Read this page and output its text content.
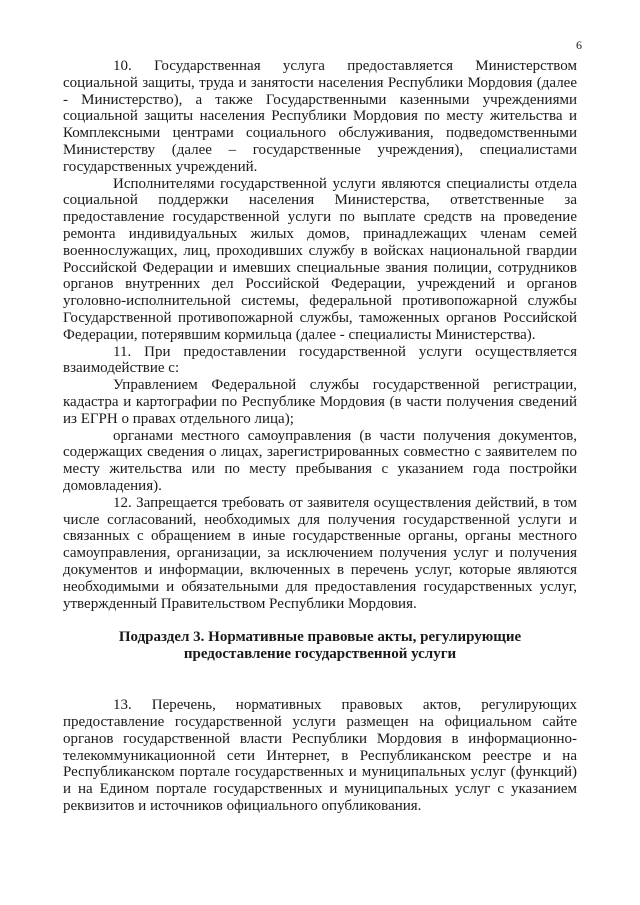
6

10. Государственная услуга предоставляется Министерством социальной защиты, труда и занятости населения Республики Мордовия (далее - Министерство), а также Государственными казенными учреждениями социальной защиты населения Республики Мордовия по месту жительства и Комплексными центрами социального обслуживания, подведомственными Министерству (далее – государственные учреждения), специалистами государственных учреждений.

Исполнителями государственной услуги являются специалисты отдела социальной поддержки населения Министерства, ответственные за предоставление государственной услуги по выплате средств на проведение ремонта индивидуальных жилых домов, принадлежащих членам семей военнослужащих, лиц, проходивших службу в войсках национальной гвардии Российской Федерации и имевших специальные звания полиции, сотрудников органов внутренних дел Российской Федерации, учреждений и органов уголовно-исполнительной системы, федеральной противопожарной службы Государственной противопожарной службы, таможенных органов Российской Федерации, потерявшим кормильца (далее - специалисты Министерства).

11. При предоставлении государственной услуги осуществляется взаимодействие с:

Управлением Федеральной службы государственной регистрации, кадастра и картографии по Республике Мордовия (в части получения сведений из ЕГРН о правах отдельного лица);

органами местного самоуправления (в части получения документов, содержащих сведения о лицах, зарегистрированных совместно с заявителем по месту жительства или по месту пребывания с указанием года постройки домовладения).

12. Запрещается требовать от заявителя осуществления действий, в том числе согласований, необходимых для получения государственной услуги и связанных с обращением в иные государственные органы, органы местного самоуправления, организации, за исключением получения услуг и получения документов и информации, включенных в перечень услуг, которые являются необходимыми и обязательными для предоставления государственных услуг, утвержденный Правительством Республики Мордовия.

Подраздел 3. Нормативные правовые акты, регулирующие
предоставление государственной услуги

13. Перечень, нормативных правовых актов, регулирующих предоставление государственной услуги размещен на официальном сайте органов государственной власти Республики Мордовия в информационно-телекоммуникационной сети Интернет, в Республиканском реестре и на Республиканском портале государственных и муниципальных услуг (функций) и на Едином портале государственных и муниципальных услуг с указанием реквизитов и источников официального опубликования.
